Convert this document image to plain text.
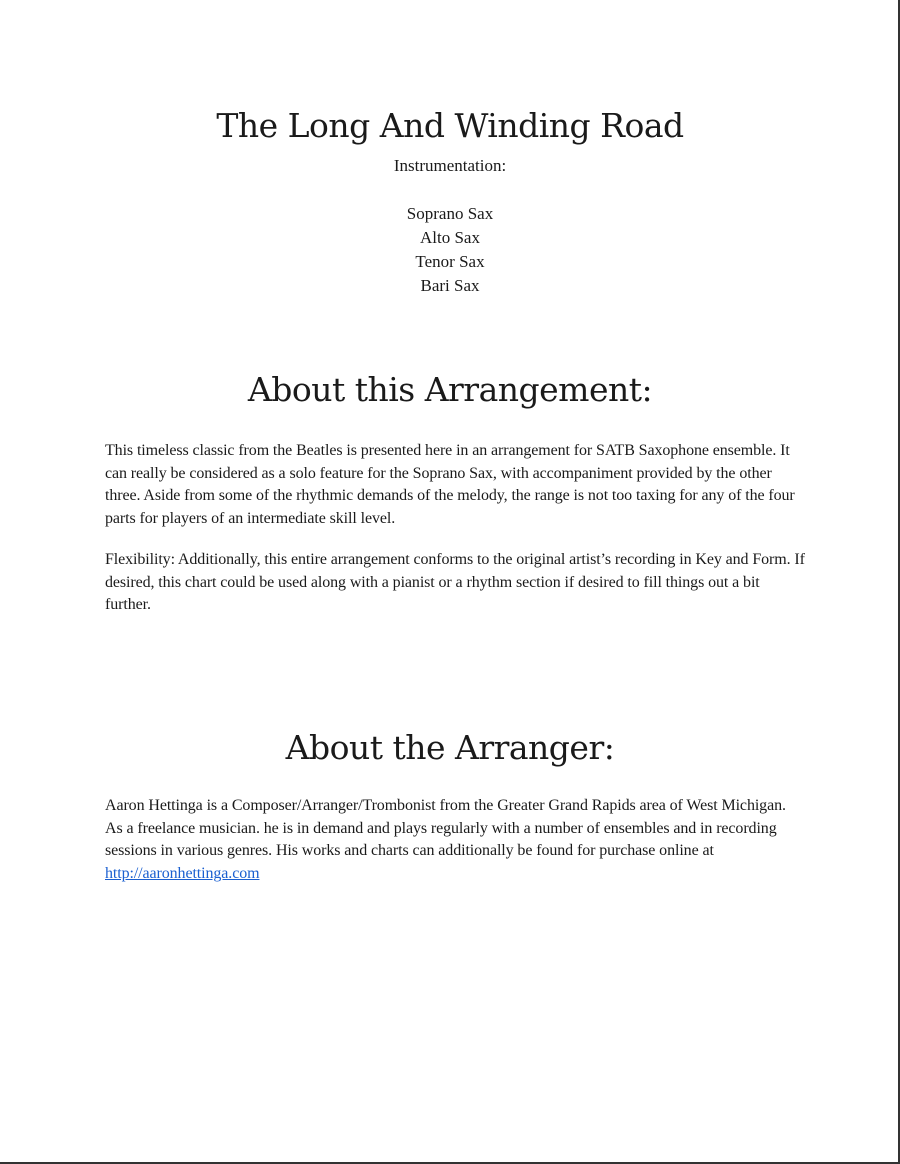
The Long And Winding Road
Instrumentation:
Soprano Sax
Alto Sax
Tenor Sax
Bari Sax
About this Arrangement:

This timeless classic from the Beatles is presented here in an arrangement for SATB Saxophone ensemble. It can really be considered as a solo feature for the Soprano Sax, with accompaniment provided by the other three. Aside from some of the rhythmic demands of the melody, the range is not too taxing for any of the four parts for players of an intermediate skill level.

Flexibility: Additionally, this entire arrangement conforms to the original artist’s recording in Key and Form. If desired, this chart could be used along with a pianist or a rhythm section if desired to fill things out a bit further.

About the Arranger:

Aaron Hettinga is a Composer/Arranger/Trombonist from the Greater Grand Rapids area of West Michigan. As a freelance musician. he is in demand and plays regularly with a number of ensembles and in recording sessions in various genres. His works and charts can additionally be found for purchase online at http://aaronhettinga.com
